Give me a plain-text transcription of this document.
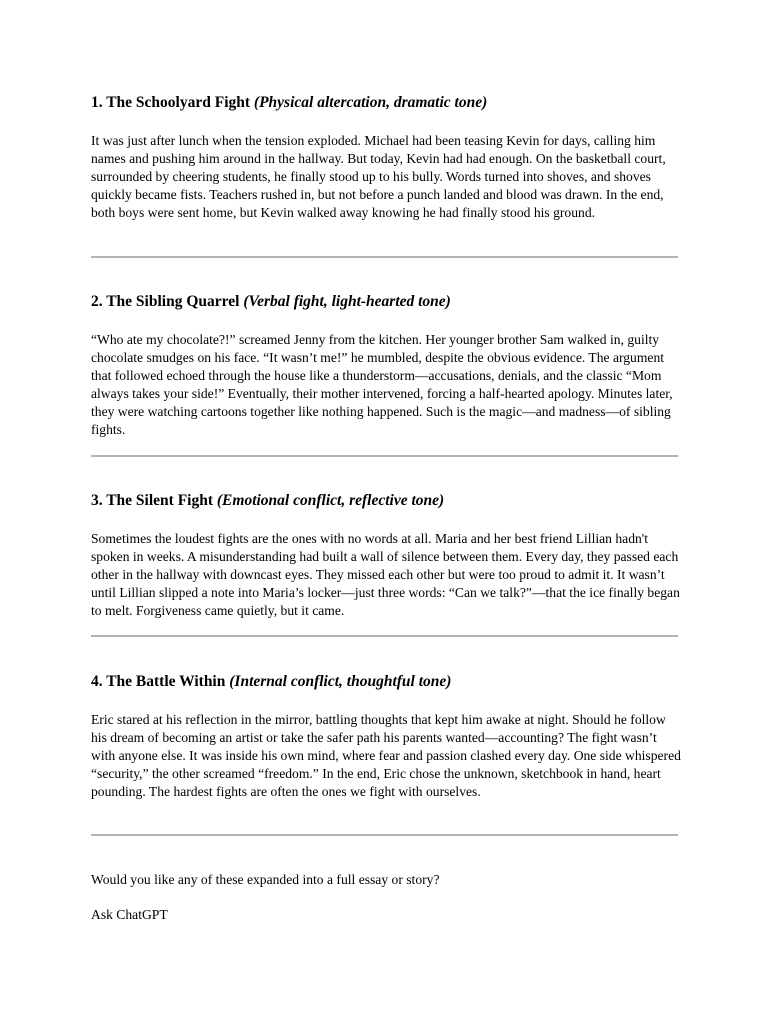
1. The Schoolyard Fight (Physical altercation, dramatic tone)

It was just after lunch when the tension exploded. Michael had been teasing Kevin for days, calling him names and pushing him around in the hallway. But today, Kevin had had enough. On the basketball court, surrounded by cheering students, he finally stood up to his bully. Words turned into shoves, and shoves quickly became fists. Teachers rushed in, but not before a punch landed and blood was drawn. In the end, both boys were sent home, but Kevin walked away knowing he had finally stood his ground.

2. The Sibling Quarrel (Verbal fight, light-hearted tone)

“Who ate my chocolate?!” screamed Jenny from the kitchen. Her younger brother Sam walked in, guilty chocolate smudges on his face. “It wasn’t me!” he mumbled, despite the obvious evidence. The argument that followed echoed through the house like a thunderstorm—accusations, denials, and the classic “Mom always takes your side!” Eventually, their mother intervened, forcing a half-hearted apology. Minutes later, they were watching cartoons together like nothing happened. Such is the magic—and madness—of sibling fights.

3. The Silent Fight (Emotional conflict, reflective tone)

Sometimes the loudest fights are the ones with no words at all. Maria and her best friend Lillian hadn't spoken in weeks. A misunderstanding had built a wall of silence between them. Every day, they passed each other in the hallway with downcast eyes. They missed each other but were too proud to admit it. It wasn’t until Lillian slipped a note into Maria’s locker—just three words: “Can we talk?”—that the ice finally began to melt. Forgiveness came quietly, but it came.

4. The Battle Within (Internal conflict, thoughtful tone)

Eric stared at his reflection in the mirror, battling thoughts that kept him awake at night. Should he follow his dream of becoming an artist or take the safer path his parents wanted—accounting? The fight wasn’t with anyone else. It was inside his own mind, where fear and passion clashed every day. One side whispered “security,” the other screamed “freedom.” In the end, Eric chose the unknown, sketchbook in hand, heart pounding. The hardest fights are often the ones we fight with ourselves.

Would you like any of these expanded into a full essay or story?

Ask ChatGPT
